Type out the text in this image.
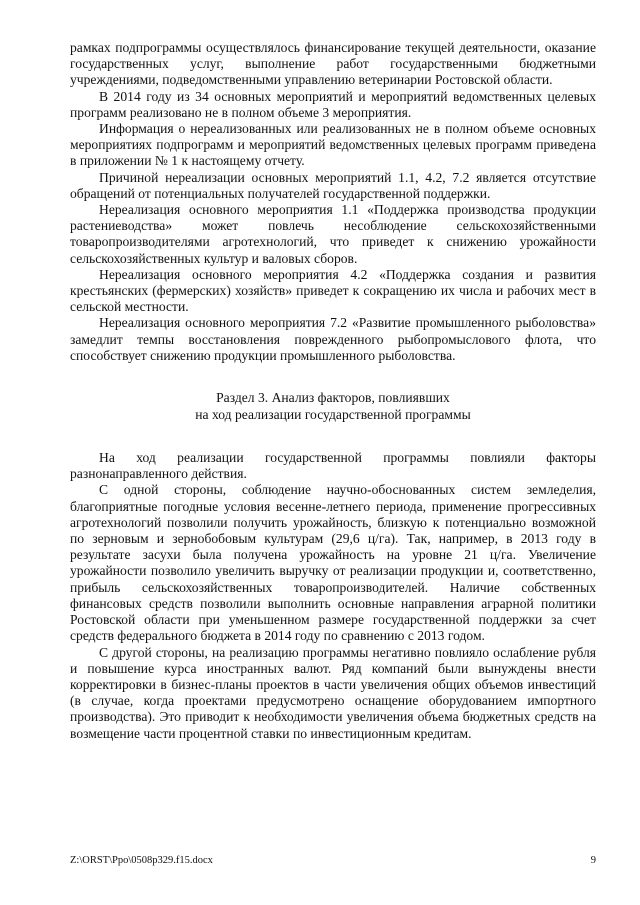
рамках подпрограммы осуществлялось финансирование текущей деятельности, оказание государственных услуг, выполнение работ государственными бюджетными учреждениями, подведомственными управлению ветеринарии Ростовской области.

В 2014 году из 34 основных мероприятий и мероприятий ведомственных целевых программ реализовано не в полном объеме 3 мероприятия.

Информация о нереализованных или реализованных не в полном объеме основных мероприятиях подпрограмм и мероприятий ведомственных целевых программ приведена в приложении № 1 к настоящему отчету.

Причиной нереализации основных мероприятий 1.1, 4.2, 7.2 является отсутствие обращений от потенциальных получателей государственной поддержки.

Нереализация основного мероприятия 1.1 «Поддержка производства продукции растениеводства» может повлечь несоблюдение сельскохозяйственными товаропроизводителями агротехнологий, что приведет к снижению урожайности сельскохозяйственных культур и валовых сборов.

Нереализация основного мероприятия 4.2 «Поддержка создания и развития крестьянских (фермерских) хозяйств» приведет к сокращению их числа и рабочих мест в сельской местности.

Нереализация основного мероприятия 7.2 «Развитие промышленного рыболовства» замедлит темпы восстановления поврежденного рыбопромыслового флота, что способствует снижению продукции промышленного рыболовства.

Раздел 3. Анализ факторов, повлиявших
на ход реализации государственной программы

На ход реализации государственной программы повлияли факторы разнонаправленного действия.

С одной стороны, соблюдение научно-обоснованных систем земледелия, благоприятные погодные условия весенне-летнего периода, применение прогрессивных агротехнологий позволили получить урожайность, близкую к потенциально возможной по зерновым и зернобобовым культурам (29,6 ц/га). Так, например, в 2013 году в результате засухи была получена урожайность на уровне 21 ц/га. Увеличение урожайности позволило увеличить выручку от реализации продукции и, соответственно, прибыль сельскохозяйственных товаропроизводителей. Наличие собственных финансовых средств позволили выполнить основные направления аграрной политики Ростовской области при уменьшенном размере государственной поддержки за счет средств федерального бюджета в 2014 году по сравнению с 2013 годом.

С другой стороны, на реализацию программы негативно повлияло ослабление рубля и повышение курса иностранных валют. Ряд компаний были вынуждены внести корректировки в бизнес-планы проектов в части увеличения общих объемов инвестиций (в случае, когда проектами предусмотрено оснащение оборудованием импортного производства). Это приводит к необходимости увеличения объема бюджетных средств на возмещение части процентной ставки по инвестиционным кредитам.

Z:\ORST\Ppo\0508p329.f15.docx	9
